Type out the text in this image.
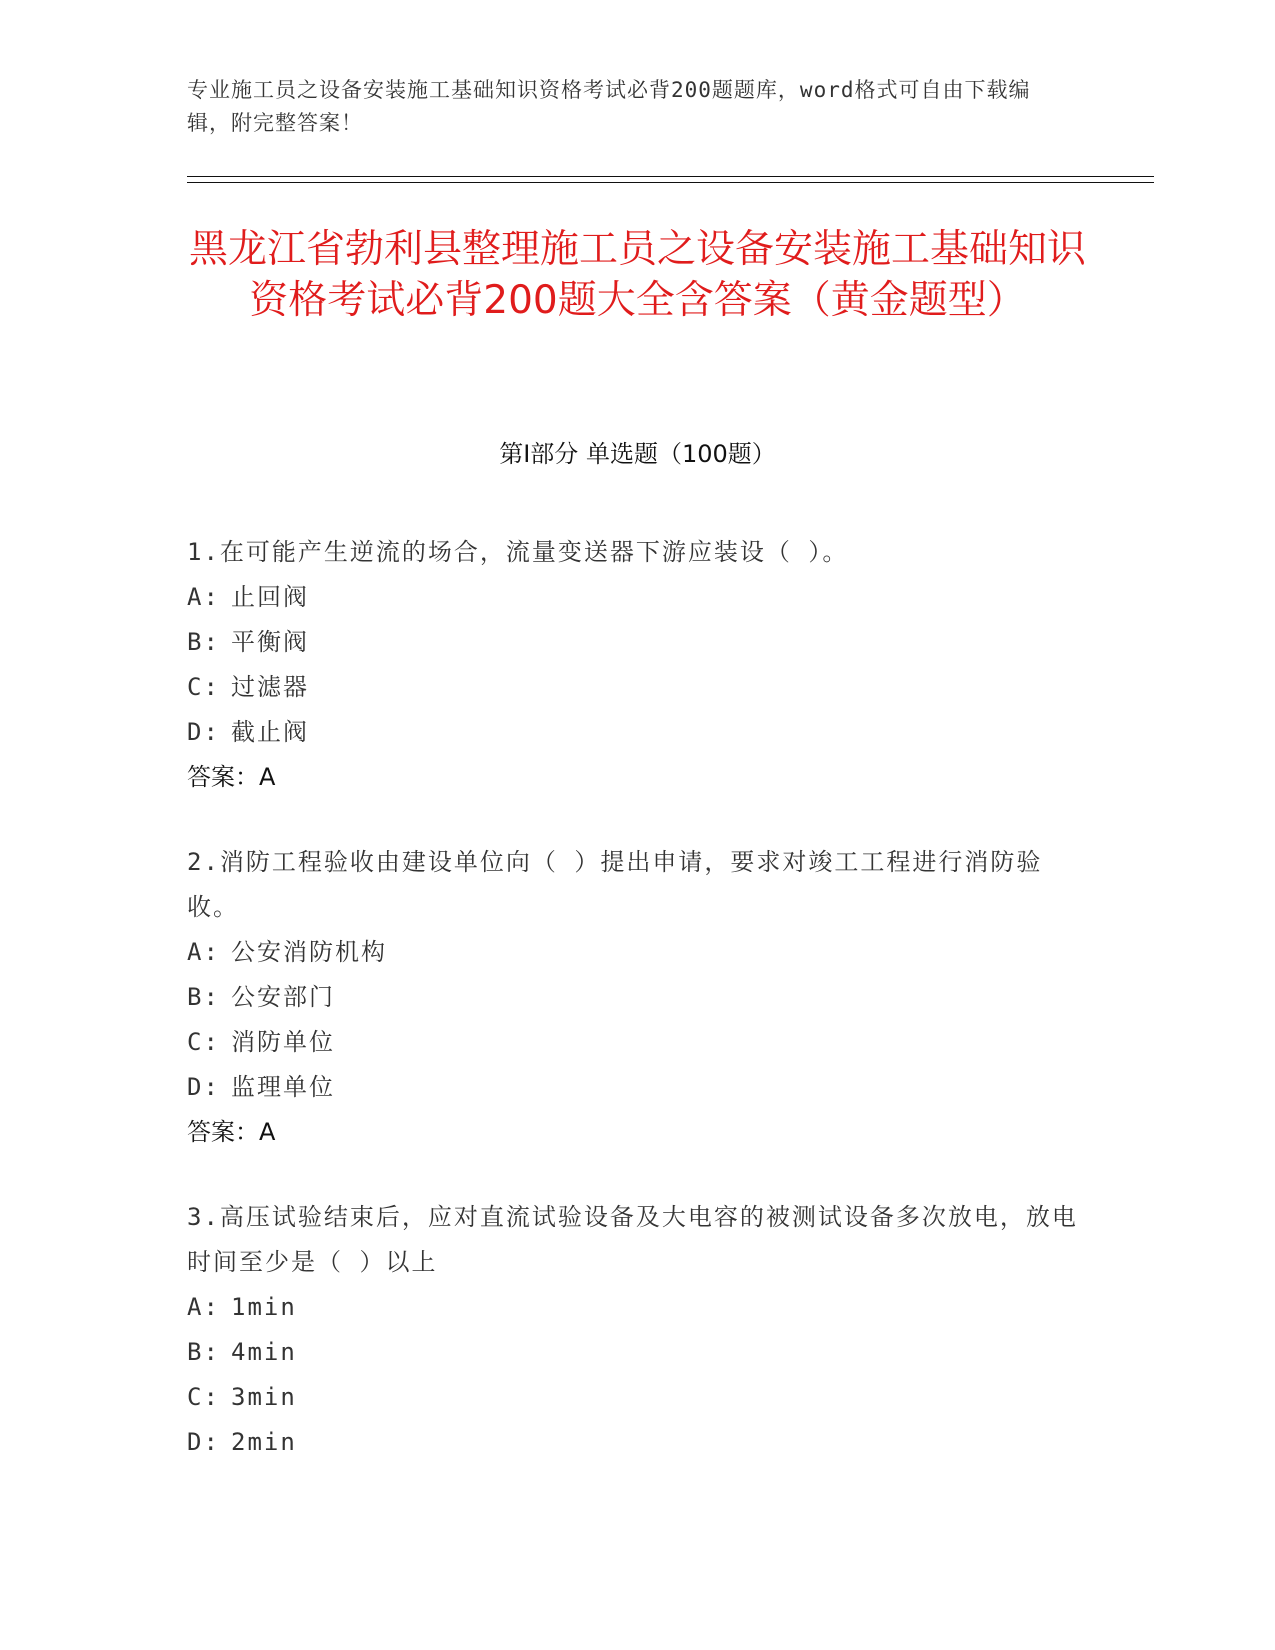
专业施工员之设备安装施工基础知识资格考试必背200题题库，word格式可自由下载编辑，附完整答案！
黑龙江省勃利县整理施工员之设备安装施工基础知识资格考试必背200题大全含答案（黄金题型）
第I部分 单选题（100题）
1.在可能产生逆流的场合，流量变送器下游应装设（ ）。
A: 止回阀
B: 平衡阀
C: 过滤器
D: 截止阀
答案：A
2.消防工程验收由建设单位向（ ）提出申请，要求对竣工工程进行消防验收。
A: 公安消防机构
B: 公安部门
C: 消防单位
D: 监理单位
答案：A
3.高压试验结束后，应对直流试验设备及大电容的被测试设备多次放电，放电时间至少是（ ）以上
A: 1min
B: 4min
C: 3min
D: 2min
